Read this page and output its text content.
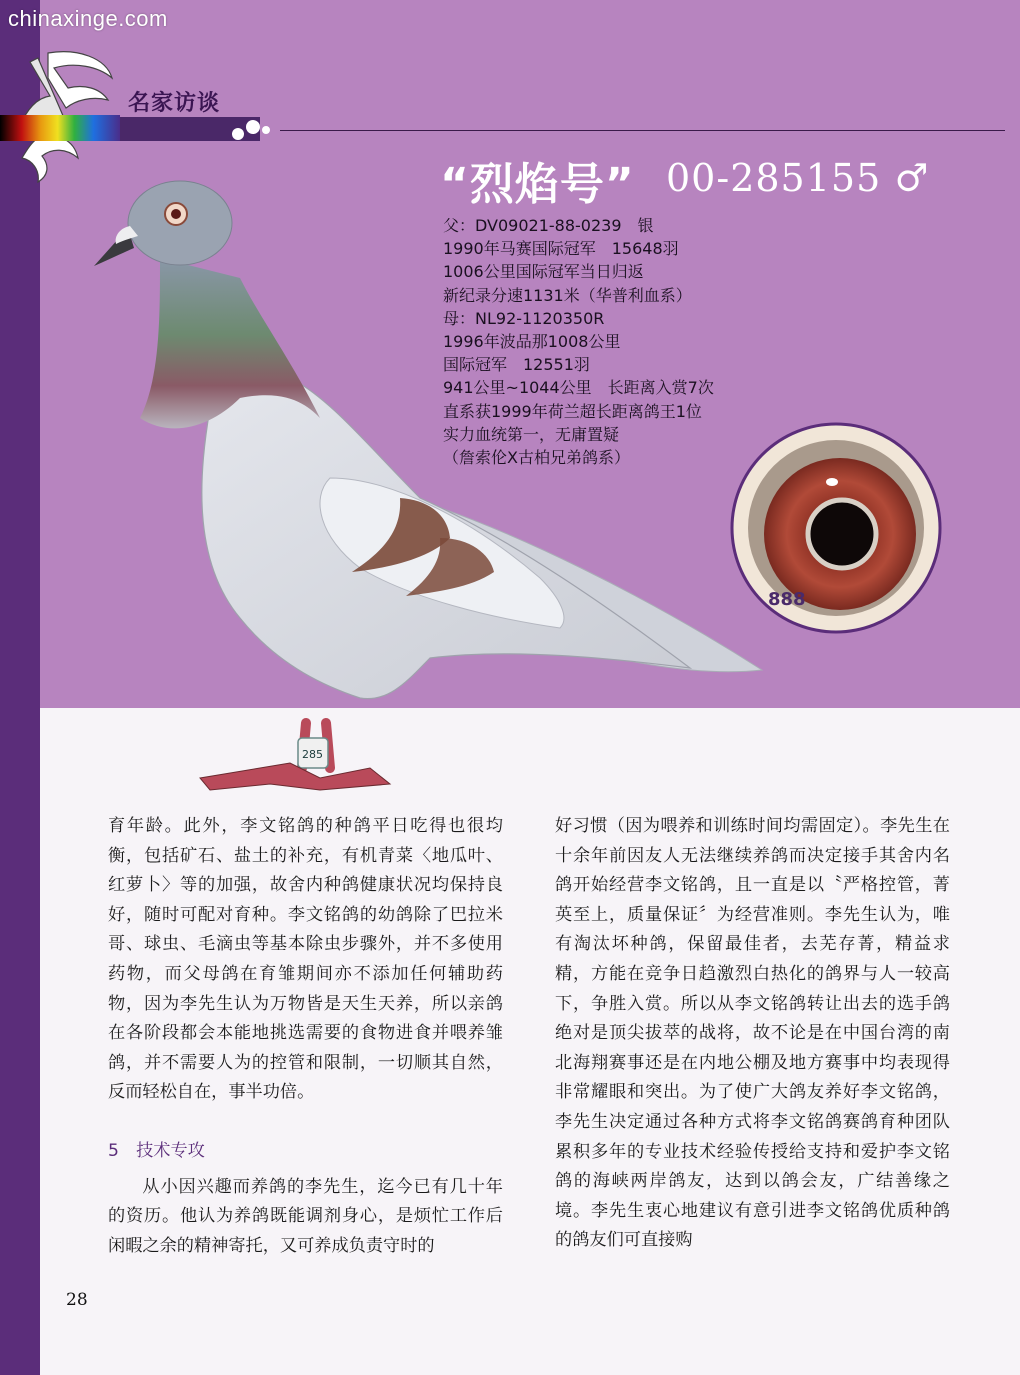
chinaxinge.com
名家访谈
“烈焰号” 00-285155 ♂
父：DV09021-88-0239　银
1990年马赛国际冠军　15648羽
1006公里国际冠军当日归返
新纪录分速1131米（华普利血系）
母：NL92-1120350R
1996年波品那1008公里
国际冠军　12551羽
941公里~1044公里　长距离入赏7次
直系获1999年荷兰超长距离鸽王1位
实力血统第一，无庸置疑
（詹索伦Ⅹ古柏兄弟鸽系）
285
888

育年龄。此外，李文铭鸽的种鸽平日吃得也很均衡，包括矿石、盐土的补充，有机青菜〈地瓜叶、红萝卜〉等的加强，故舍内种鸽健康状况均保持良好，随时可配对育种。李文铭鸽的幼鸽除了巴拉米哥、球虫、毛滴虫等基本除虫步骤外，并不多使用药物，而父母鸽在育雏期间亦不添加任何辅助药物，因为李先生认为万物皆是天生天养，所以亲鸽在各阶段都会本能地挑选需要的食物进食并喂养雏鸽，并不需要人为的控管和限制，一切顺其自然，反而轻松自在，事半功倍。

5　技术专攻

从小因兴趣而养鸽的李先生，迄今已有几十年的资历。他认为养鸽既能调剂身心，是烦忙工作后闲暇之余的精神寄托，又可养成负责守时的

好习惯（因为喂养和训练时间均需固定）。李先生在十余年前因友人无法继续养鸽而决定接手其舍内名鸽开始经营李文铭鸽，且一直是以〝严格控管，菁英至上，质量保证〞为经营准则。李先生认为，唯有淘汰坏种鸽，保留最佳者，去芜存菁，精益求精，方能在竞争日趋激烈白热化的鸽界与人一较高下，争胜入赏。所以从李文铭鸽转让出去的选手鸽绝对是顶尖拔萃的战将，故不论是在中国台湾的南北海翔赛事还是在内地公棚及地方赛事中均表现得非常耀眼和突出。为了使广大鸽友养好李文铭鸽，李先生决定通过各种方式将李文铭鸽赛鸽育种团队累积多年的专业技术经验传授给支持和爱护李文铭鸽的海峡两岸鸽友，达到以鸽会友，广结善缘之境。李先生衷心地建议有意引进李文铭鸽优质种鸽的鸽友们可直接购

28
